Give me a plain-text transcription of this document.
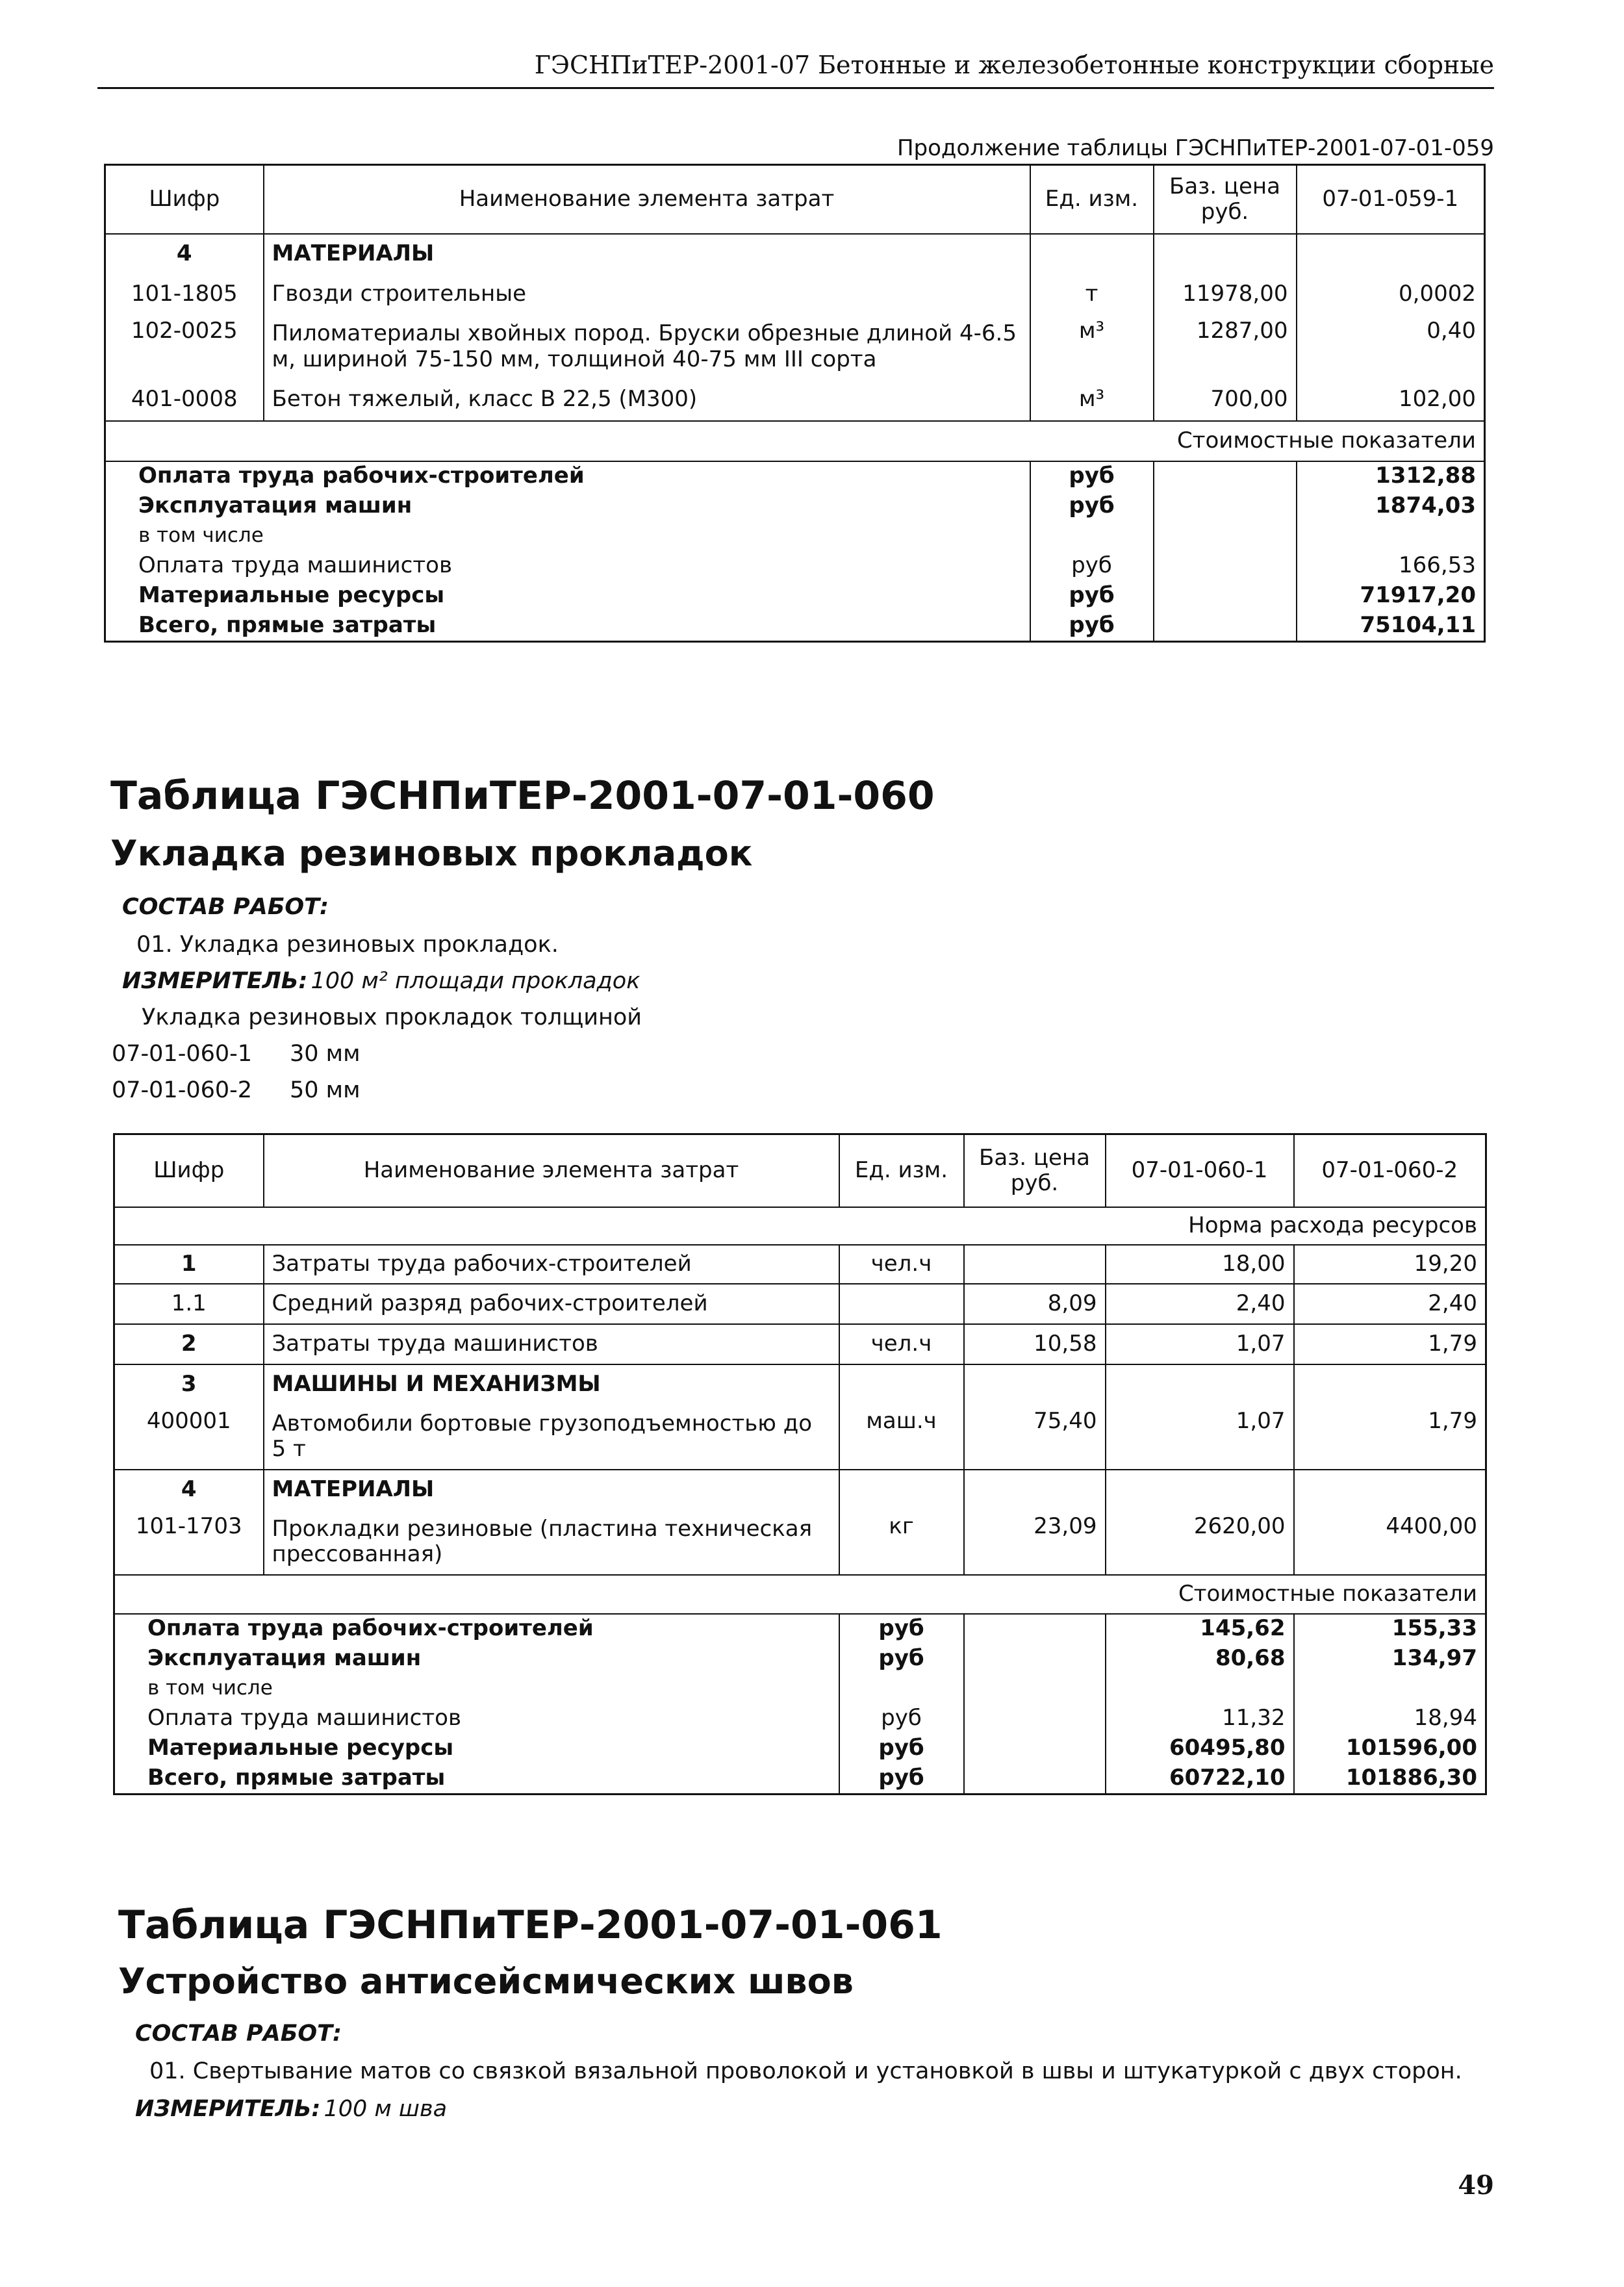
ГЭСНПиТЕР-2001-07 Бетонные и железобетонные конструкции сборные
Продолжение таблицы ГЭСНПиТЕР-2001-07-01-059
Шифр	Наименование элемента затрат	Ед. изм.	Баз. цена руб.	07-01-059-1
4	МАТЕРИАЛЫ			
101-1805	Гвозди строительные	т	11978,00	0,0002
102-0025	Пиломатериалы хвойных пород. Бруски обрезные длиной 4-6.5 м, шириной 75-150 мм, толщиной 40-75 мм III сорта	м³	1287,00	0,40
401-0008	Бетон тяжелый, класс В 22,5 (М300)	м³	700,00	102,00
Стоимостные показатели				
Оплата труда рабочих-строителей		руб		1312,88
Эксплуатация машин		руб		1874,03
в том числе				
Оплата труда машинистов		руб		166,53
Материальные ресурсы		руб		71917,20
Всего, прямые затраты		руб		75104,11
Таблица ГЭСНПиТЕР-2001-07-01-060
Укладка резиновых прокладок
СОСТАВ РАБОТ:
01. Укладка резиновых прокладок.
ИЗМЕРИТЕЛЬ: 100 м² площади прокладок
Укладка резиновых прокладок толщиной
07-01-060-1 30 мм
07-01-060-2 50 мм
Шифр	Наименование элемента затрат	Ед. изм.	Баз. цена руб.	07-01-060-1	07-01-060-2
Норма расхода ресурсов					
1	Затраты труда рабочих-строителей	чел.ч		18,00	19,20
1.1	Средний разряд рабочих-строителей		8,09	2,40	2,40
2	Затраты труда машинистов	чел.ч	10,58	1,07	1,79
3	МАШИНЫ И МЕХАНИЗМЫ				
400001	Автомобили бортовые грузоподъемностью до 5 т	маш.ч	75,40	1,07	1,79
4	МАТЕРИАЛЫ				
101-1703	Прокладки резиновые (пластина техническая прессованная)	кг	23,09	2620,00	4400,00
Стоимостные показатели					
Оплата труда рабочих-строителей		руб		145,62	155,33
Эксплуатация машин		руб		80,68	134,97
в том числе					
Оплата труда машинистов		руб		11,32	18,94
Материальные ресурсы		руб		60495,80	101596,00
Всего, прямые затраты		руб		60722,10	101886,30
Таблица ГЭСНПиТЕР-2001-07-01-061
Устройство антисейсмических швов
СОСТАВ РАБОТ:
01. Свертывание матов со связкой вязальной проволокой и установкой в швы и штукатуркой с двух сторон.
ИЗМЕРИТЕЛЬ: 100 м шва
49
